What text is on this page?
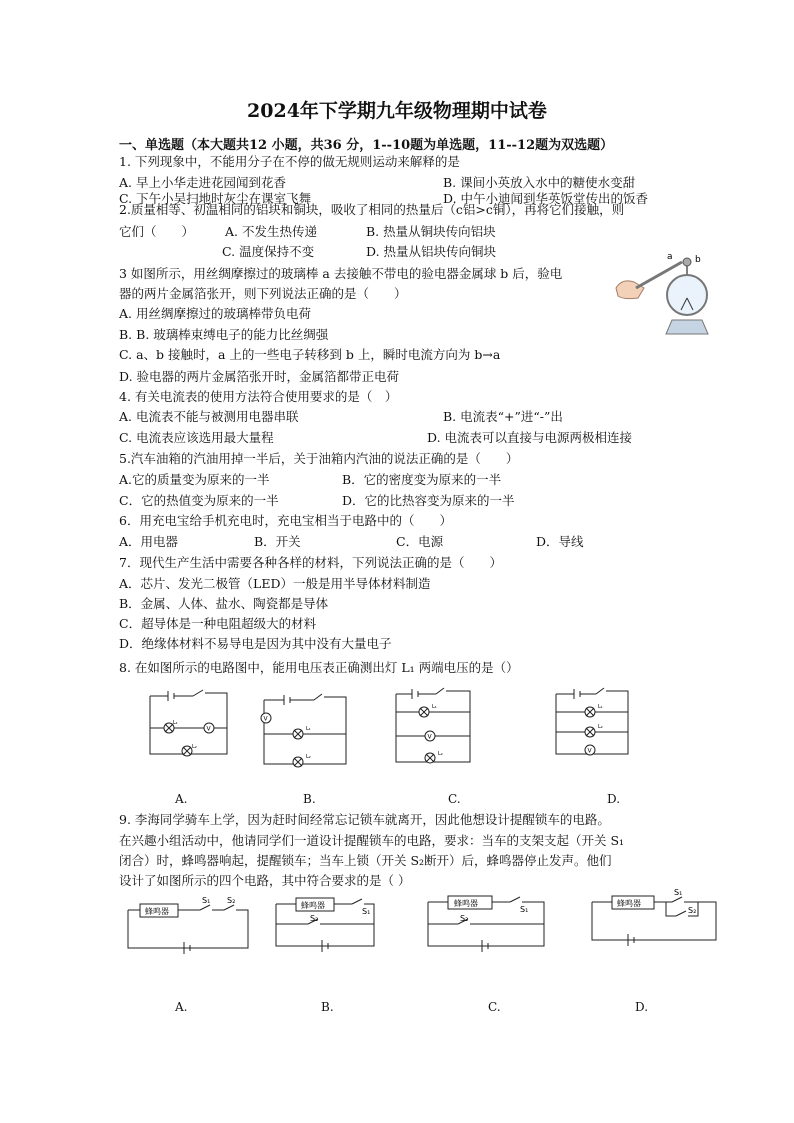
2024年下学期九年级物理期中试卷
一、单选题（本大题共12 小题，共36 分，1--10题为单选题，11--12题为双选题）
1. 下列现象中，不能用分子在不停的做无规则运动来解释的是
A. 早上小华走进花园闻到花香	B. 课间小英放入水中的糖使水变甜
C. 下午小吴扫地时灰尘在课室飞舞	D. 中午小迪闻到华英饭堂传出的饭香
2.质量相等、初温相同的铝块和铜块，吸收了相同的热量后（c铝>c铜），再将它们接触，则
它们（　　） A. 不发生热传递	B. 热量从铜块传向铝块
C. 温度保持不变	D. 热量从铝块传向铜块
3 如图所示，用丝绸摩擦过的玻璃棒 a 去接触不带电的验电器金属球 b 后，验电
器的两片金属箔张开，则下列说法正确的是（　　）
A. 用丝绸摩擦过的玻璃棒带负电荷
B. B. 玻璃棒束缚电子的能力比丝绸强
C. a、b 接触时，a 上的一些电子转移到 b 上，瞬时电流方向为 b→a
D. 验电器的两片金属箔张开时，金属箔都带正电荷
a b
4. 有关电流表的使用方法符合使用要求的是（　）
A. 电流表不能与被测用电器串联	B. 电流表“+”进“-”出
C. 电流表应该选用最大量程	D. 电流表可以直接与电源两极相连接
5.汽车油箱的汽油用掉一半后，关于油箱内汽油的说法正确的是（　　）
A.它的质量变为原来的一半	B．它的密度变为原来的一半
C．它的热值变为原来的一半	D．它的比热容变为原来的一半
6．用充电宝给手机充电时，充电宝相当于电路中的（　　）
A．用电器	B．开关	C．电源	D．导线
7．现代生产生活中需要各种各样的材料，下列说法正确的是（　　）
A．芯片、发光二极管（LED）一般是用半导体材料制造
B．金属、人体、盐水、陶瓷都是导体
C．超导体是一种电阻超级大的材料
D．绝缘体材料不易导电是因为其中没有大量电子
8. 在如图所示的电路图中，能用电压表正确测出灯 L₁ 两端电压的是（）
V
L₁
L₂
V
L₁
L₂
V
L₁
L₂	V
L₁
L₂
A.	B.	C.	D.
9. 李海同学骑车上学，因为赶时间经常忘记锁车就离开，因此他想设计提醒锁车的电路。
在兴趣小组活动中，他请同学们一道设计提醒锁车的电路，要求：当车的支架支起（开关 S₁
闭合）时，蜂鸣器响起，提醒锁车；当车上锁（开关 S₂断开）后，蜂鸣器停止发声。他们
设计了如图所示的四个电路，其中符合要求的是（ ）
蜂鸣器
S₁ S₂
蜂鸣器
S₁
S₂
蜂鸣器
S₁
S₂
蜂鸣器
S₁
S₂
A.	B.	C.	D.
